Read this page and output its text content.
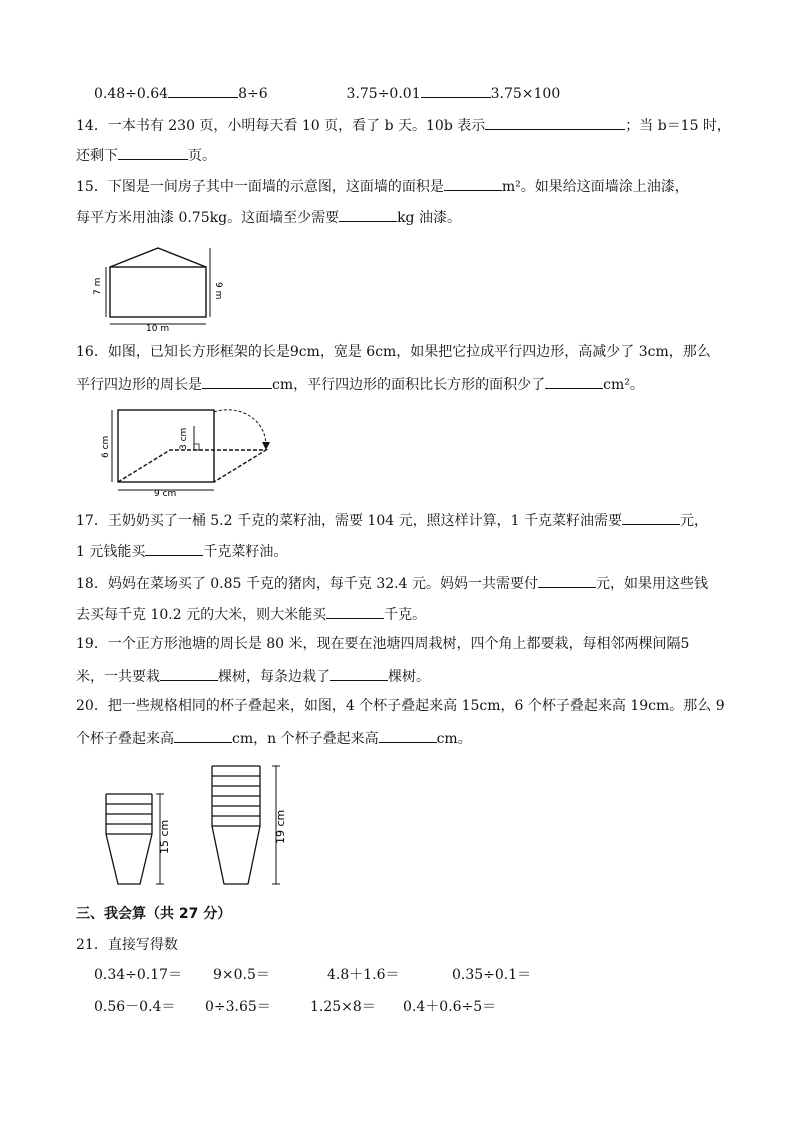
0.48÷0.64	8÷6	3.75÷0.01	3.75×100
14．一本书有 230 页，小明每天看 10 页，看了 b 天。10b 表示	；当 b＝15 时，
还剩下	页。
15．下图是一间房子其中一面墙的示意图，这面墙的面积是	m²。如果给这面墙涂上油漆，
每平方米用油漆 0.75kg。这面墙至少需要	kg 油漆。
7 m	9 m
10 m
16．如图，已知长方形框架的长是9cm，宽是 6cm，如果把它拉成平行四边形，高减少了 3cm，那么
平行四边形的周长是	cm，平行四边形的面积比长方形的面积少了	cm²。
6 cm	3 cm
9 cm
17．王奶奶买了一桶 5.2 千克的菜籽油，需要 104 元，照这样计算，1 千克菜籽油需要	元，
1 元钱能买	千克菜籽油。
18．妈妈在菜场买了 0.85 千克的猪肉，每千克 32.4 元。妈妈一共需要付	元，如果用这些钱
去买每千克 10.2 元的大米，则大米能买	千克。
19．一个正方形池塘的周长是 80 米，现在要在池塘四周栽树，四个角上都要栽，每相邻两棵间隔5
米，一共要栽	棵树，每条边栽了	棵树。
20．把一些规格相同的杯子叠起来，如图，4 个杯子叠起来高 15cm，6 个杯子叠起来高 19cm。那么 9
个杯子叠起来高	cm，n 个杯子叠起来高	cm。
15 cm	19 cm
三、我会算（共 27 分）
21．直接写得数
0.34÷0.17＝ 9×0.5＝	4.8＋1.6＝	0.35÷0.1＝
0.56－0.4＝ 0÷3.65＝	1.25×8＝ 0.4＋0.6÷5＝
